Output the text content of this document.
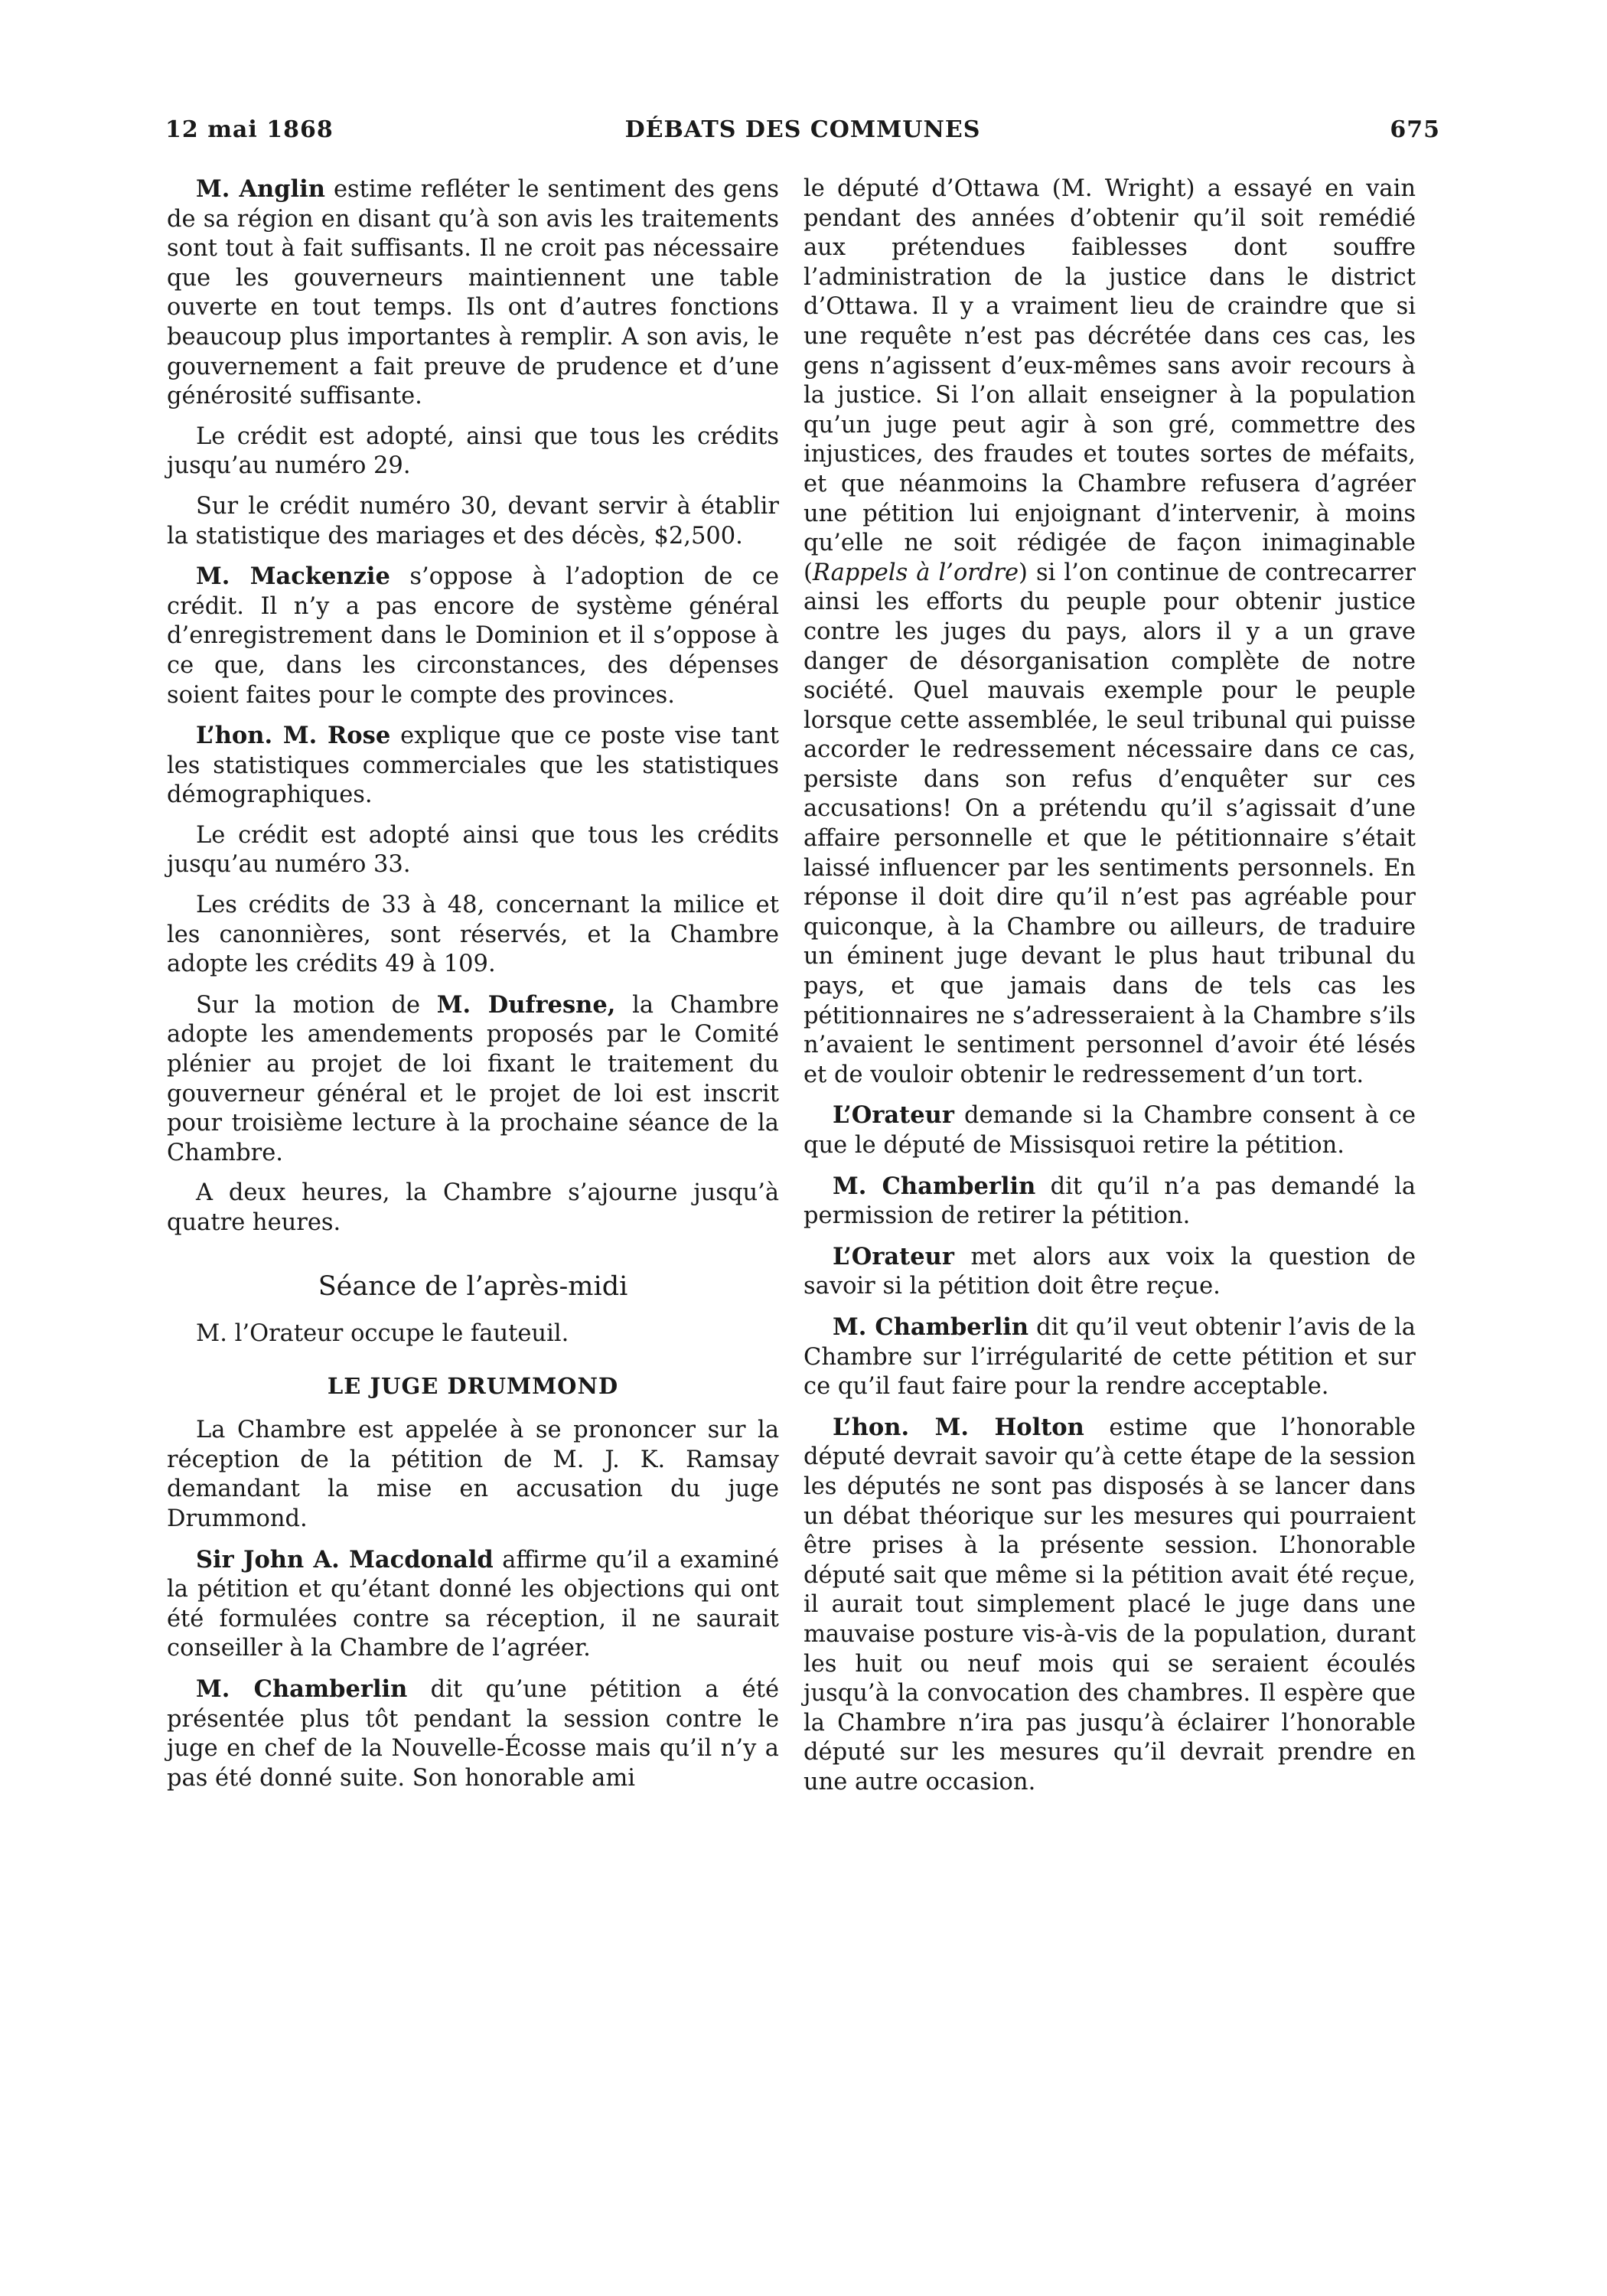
12 mai 1868	DÉBATS DES COMMUNES	675

M. Anglin estime refléter le sentiment des gens de sa région en disant qu’à son avis les traitements sont tout à fait suffisants. Il ne croit pas nécessaire que les gouverneurs maintiennent une table ouverte en tout temps. Ils ont d’autres fonctions beaucoup plus importantes à remplir. A son avis, le gouvernement a fait preuve de prudence et d’une générosité suffisante.

Le crédit est adopté, ainsi que tous les crédits jusqu’au numéro 29.

Sur le crédit numéro 30, devant servir à établir la statistique des mariages et des décès, $2,500.

M. Mackenzie s’oppose à l’adoption de ce crédit. Il n’y a pas encore de système général d’enregistrement dans le Dominion et il s’oppose à ce que, dans les circonstances, des dépenses soient faites pour le compte des provinces.

L’hon. M. Rose explique que ce poste vise tant les statistiques commerciales que les statistiques démographiques.

Le crédit est adopté ainsi que tous les crédits jusqu’au numéro 33.

Les crédits de 33 à 48, concernant la milice et les canonnières, sont réservés, et la Chambre adopte les crédits 49 à 109.

Sur la motion de M. Dufresne, la Chambre adopte les amendements proposés par le Comité plénier au projet de loi fixant le traitement du gouverneur général et le projet de loi est inscrit pour troisième lecture à la prochaine séance de la Chambre.

A deux heures, la Chambre s’ajourne jusqu’à quatre heures.

Séance de l’après-midi

M. l’Orateur occupe le fauteuil.

LE JUGE DRUMMOND

La Chambre est appelée à se prononcer sur la réception de la pétition de M. J. K. Ramsay demandant la mise en accusation du juge Drummond.

Sir John A. Macdonald affirme qu’il a examiné la pétition et qu’étant donné les objections qui ont été formulées contre sa réception, il ne saurait conseiller à la Chambre de l’agréer.

M. Chamberlin dit qu’une pétition a été présentée plus tôt pendant la session contre le juge en chef de la Nouvelle-Écosse mais qu’il n’y a pas été donné suite. Son honorable ami

le député d’Ottawa (M. Wright) a essayé en vain pendant des années d’obtenir qu’il soit remédié aux prétendues faiblesses dont souffre l’administration de la justice dans le district d’Ottawa. Il y a vraiment lieu de craindre que si une requête n’est pas décrétée dans ces cas, les gens n’agissent d’eux-mêmes sans avoir recours à la justice. Si l’on allait enseigner à la population qu’un juge peut agir à son gré, commettre des injustices, des fraudes et toutes sortes de méfaits, et que néanmoins la Chambre refusera d’agréer une pétition lui enjoignant d’intervenir, à moins qu’elle ne soit rédigée de façon inimaginable (Rappels à l’ordre) si l’on continue de contrecarrer ainsi les efforts du peuple pour obtenir justice contre les juges du pays, alors il y a un grave danger de désorganisation complète de notre société. Quel mauvais exemple pour le peuple lorsque cette assemblée, le seul tribunal qui puisse accorder le redressement nécessaire dans ce cas, persiste dans son refus d’enquêter sur ces accusations! On a prétendu qu’il s’agissait d’une affaire personnelle et que le pétitionnaire s’était laissé influencer par les sentiments personnels. En réponse il doit dire qu’il n’est pas agréable pour quiconque, à la Chambre ou ailleurs, de traduire un éminent juge devant le plus haut tribunal du pays, et que jamais dans de tels cas les pétitionnaires ne s’adresseraient à la Chambre s’ils n’avaient le sentiment personnel d’avoir été lésés et de vouloir obtenir le redressement d’un tort.

L’Orateur demande si la Chambre consent à ce que le député de Missisquoi retire la pétition.

M. Chamberlin dit qu’il n’a pas demandé la permission de retirer la pétition.

L’Orateur met alors aux voix la question de savoir si la pétition doit être reçue.

M. Chamberlin dit qu’il veut obtenir l’avis de la Chambre sur l’irrégularité de cette pétition et sur ce qu’il faut faire pour la rendre acceptable.

L’hon. M. Holton estime que l’honorable député devrait savoir qu’à cette étape de la session les députés ne sont pas disposés à se lancer dans un débat théorique sur les mesures qui pourraient être prises à la présente session. L’honorable député sait que même si la pétition avait été reçue, il aurait tout simplement placé le juge dans une mauvaise posture vis-à-vis de la population, durant les huit ou neuf mois qui se seraient écoulés jusqu’à la convocation des chambres. Il espère que la Chambre n’ira pas jusqu’à éclairer l’honorable député sur les mesures qu’il devrait prendre en une autre occasion.
